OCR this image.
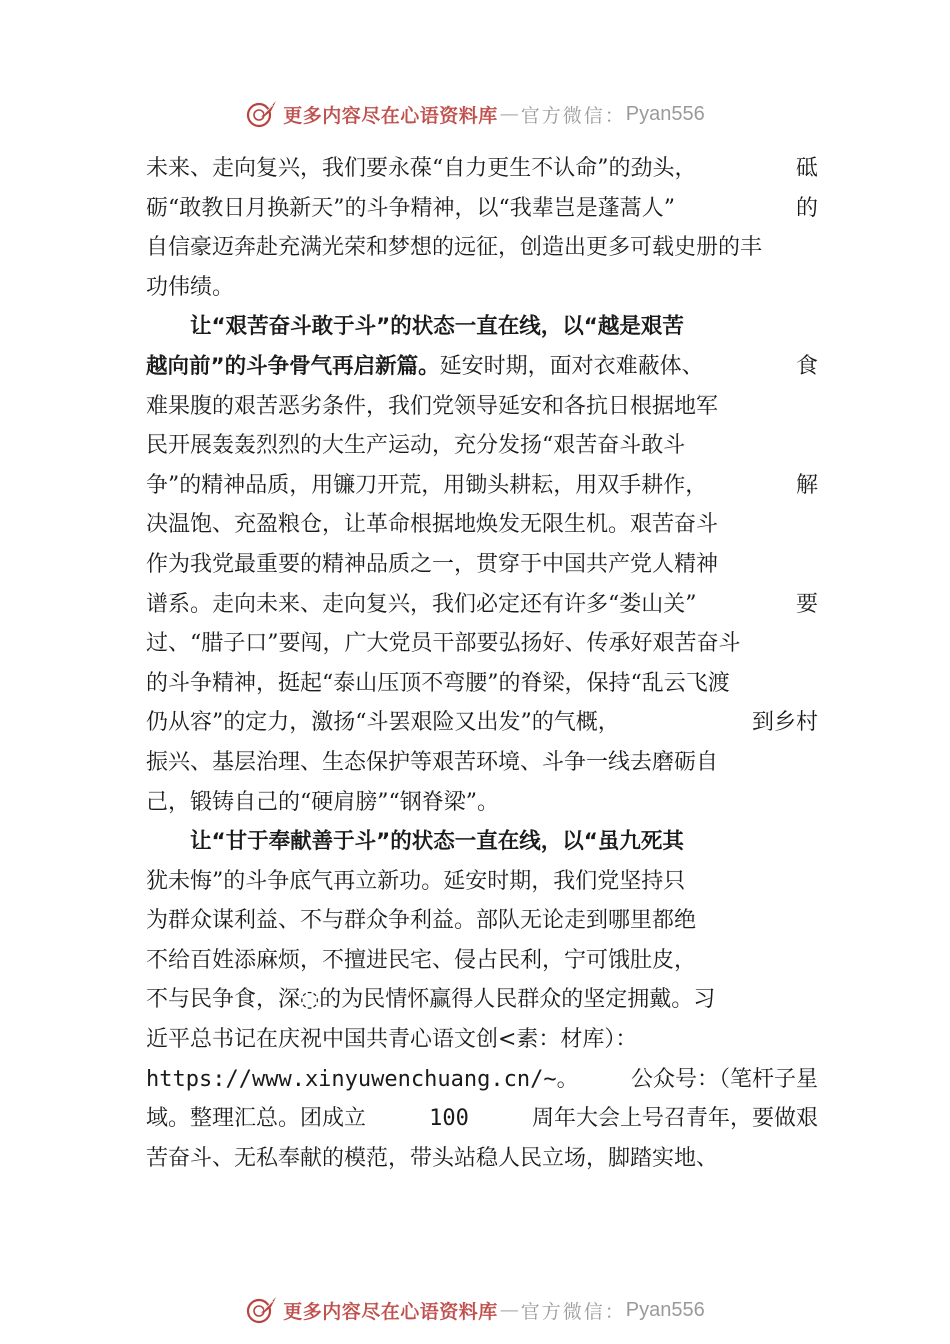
更多内容尽在心语资料库 — 官方微信： Pyan556
未来、走向复兴，我们要永葆“自力更生不认命”的劲头，	砥
砺“敢教日月换新天”的斗争精神，以“我辈岂是蓬蒿人”	的
自信豪迈奔赴充满光荣和梦想的远征，创造出更多可载史册的丰
功伟绩。
让“艰苦奋斗敢于斗”的状态一直在线，以“越是艰苦
越向前”的斗争骨气再启新篇。延安时期，面对衣难蔽体、	食
难果腹的艰苦恶劣条件，我们党领导延安和各抗日根据地军
民开展轰轰烈烈的大生产运动，充分发扬“艰苦奋斗敢斗
争”的精神品质，用镰刀开荒，用锄头耕耘，用双手耕作，	解
决温饱、充盈粮仓，让革命根据地焕发无限生机。艰苦奋斗
作为我党最重要的精神品质之一，贯穿于中国共产党人精神
谱系。走向未来、走向复兴，我们必定还有许多“娄山关”	要
过、“腊子口”要闯，广大党员干部要弘扬好、传承好艰苦奋斗
的斗争精神，挺起“泰山压顶不弯腰”的脊梁，保持“乱云飞渡
仍从容”的定力，激扬“斗罢艰险又出发”的气概，	到乡村
振兴、基层治理、生态保护等艰苦环境、斗争一线去磨砺自
己，锻铸自己的“硬肩膀”“钢脊梁”。
让“甘于奉献善于斗”的状态一直在线，以“虽九死其
犹未悔”的斗争底气再立新功。延安时期，我们党坚持只
为群众谋利益、不与群众争利益。部队无论走到哪里都绝
不给百姓添麻烦，不擅进民宅、侵占民利，宁可饿肚皮，
不与民争食，深◌的为民情怀赢得人民群众的坚定拥戴。习
近平总书记在庆祝中国共青心语文创<素：材库）：
https://www.xinyuwenchuang.cn/~。 公众号：（笔杆子星
域。整理汇总。团成立	100	周年大会上号召青年，要做艰
苦奋斗、无私奉献的模范，带头站稳人民立场，脚踏实地、
更多内容尽在心语资料库 — 官方微信： Pyan556
